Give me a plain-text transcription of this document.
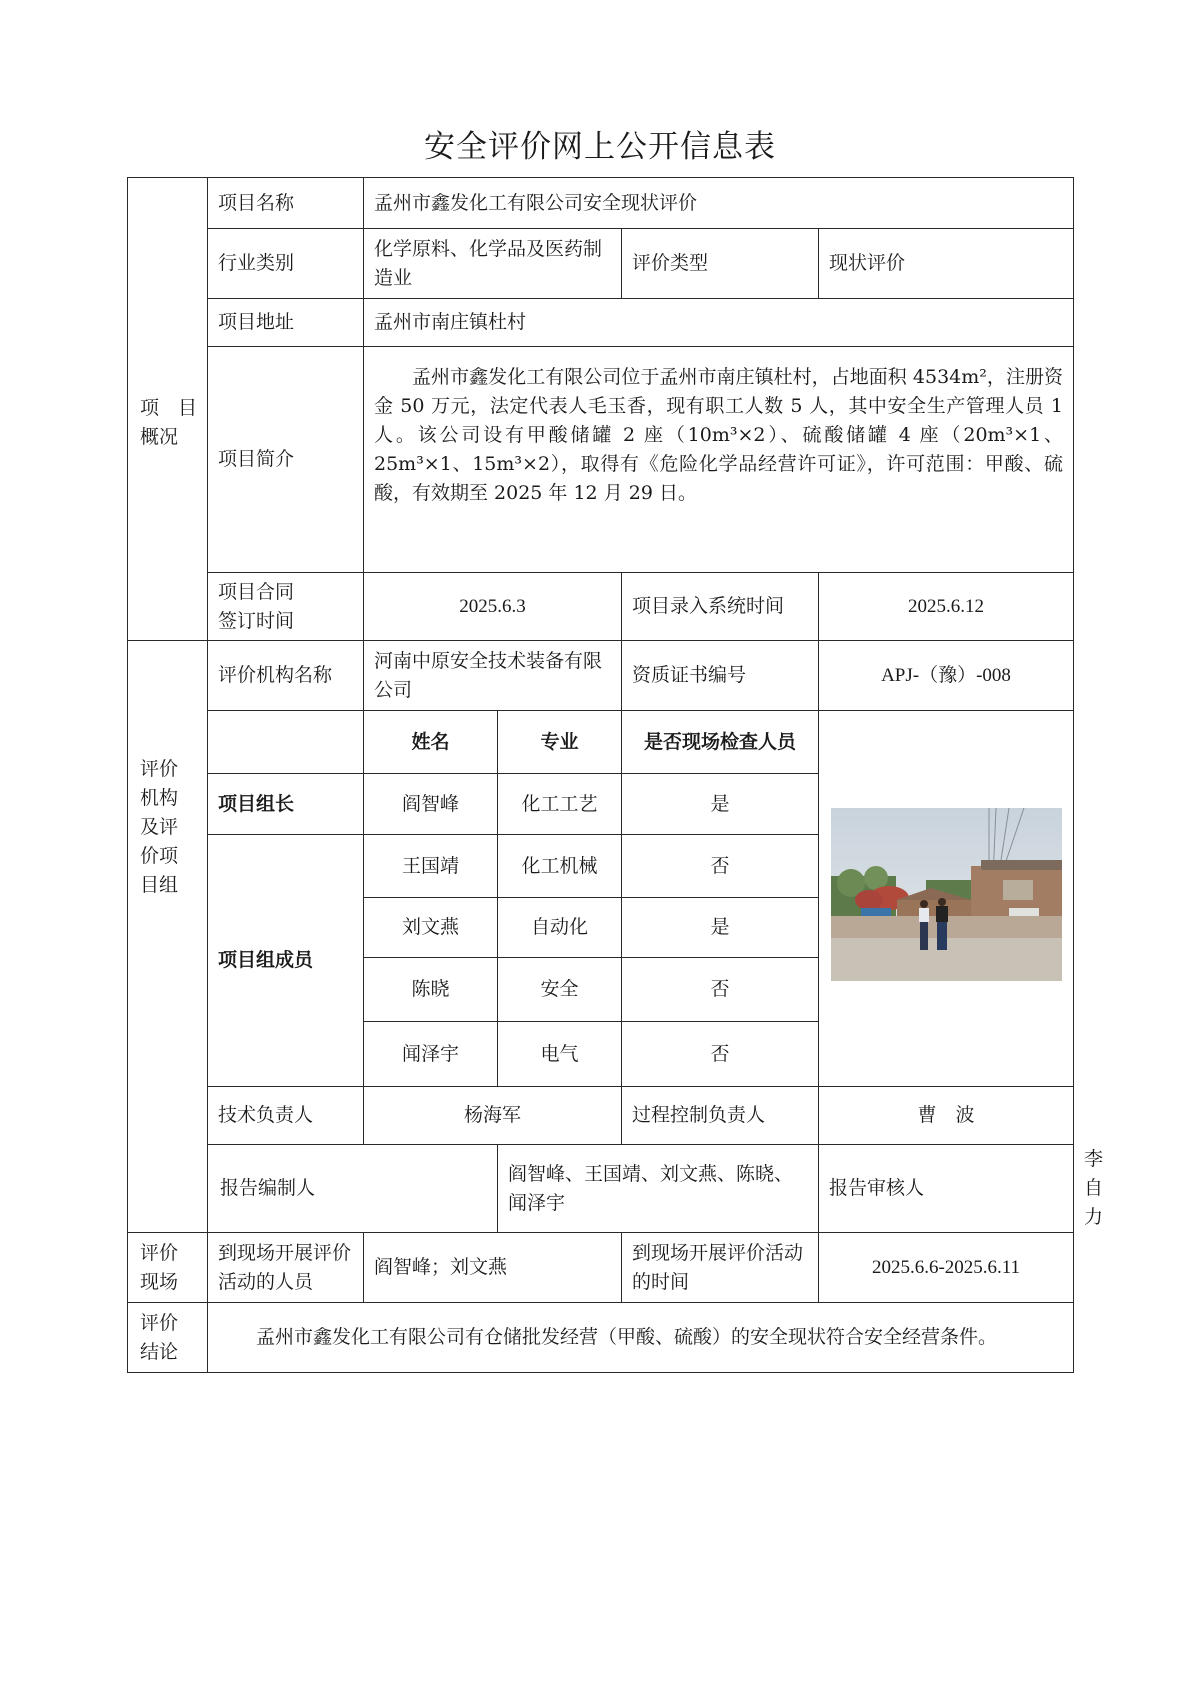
安全评价网上公开信息表
项　目
概况
	项目名称	孟州市鑫发化工有限公司安全现状评价
行业类别	化学原料、化学品及医药制造业	评价类型	现状评价
项目地址	孟州市南庄镇杜村
项目简介	
孟州市鑫发化工有限公司位于孟州市南庄镇杜村，占地面积 4534m²，注册资金 50 万元，法定代表人毛玉香，现有职工人数 5 人，其中安全生产管理人员 1 人。该公司设有甲酸储罐 2 座（10m³×2）、硫酸储罐 4 座（20m³×1、25m³×1、15m³×2），取得有《危险化学品经营许可证》，许可范围：甲酸、硫酸，有效期至 2025 年 12 月 29 日。

项目合同
签订时间
	2025.6.3	项目录入系统时间	2025.6.12

评价
机构
及评
价项
目组
	评价机构名称	河南中原安全技术装备有限公司	资质证书编号	APJ-（豫）-008
	姓名	专业	是否现场检查人员	
项目组长	阎智峰	化工工艺	是
项目组成员	王国靖	化工机械	否
刘文燕	自动化	是
陈晓	安全	否
闻泽宇	电气	否

技术负责人	杨海军	过程控制负责人	曹　波
报告编制人	阎智峰、王国靖、刘文燕、陈晓、闻泽宇	报告审核人	李自力

评价
现场
	到现场开展评价活动的人员	阎智峰；刘文燕	到现场开展评价活动的时间	2025.6.6-2025.6.11

评价
结论
	孟州市鑫发化工有限公司有仓储批发经营（甲酸、硫酸）的安全现状符合安全经营条件。
